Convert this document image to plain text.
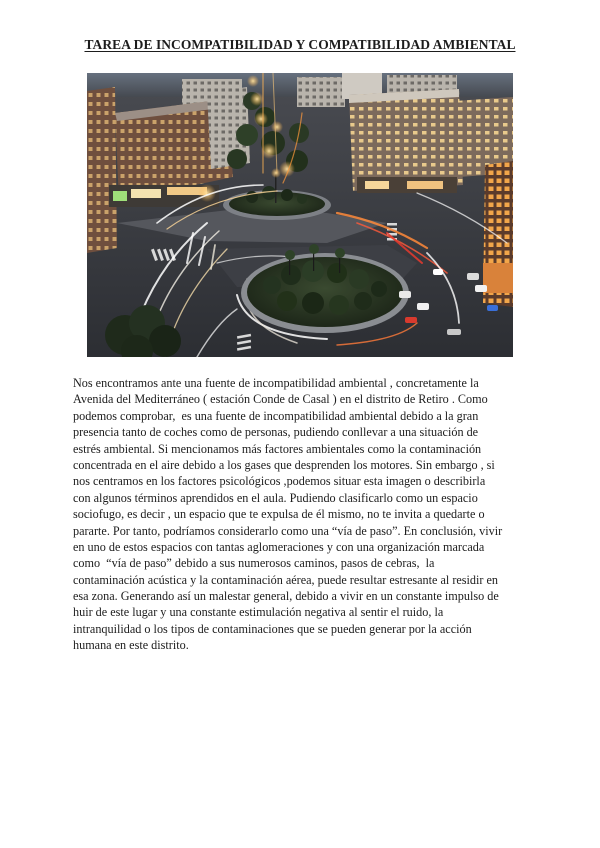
TAREA DE INCOMPATIBILIDAD Y COMPATIBILIDAD AMBIENTAL
Nos encontramos ante una fuente de incompatibilidad ambiental , concretamente la
Avenida del Mediterráneo ( estación Conde de Casal ) en el distrito de Retiro . Como
podemos comprobar,  es una fuente de incompatibilidad ambiental debido a la gran
presencia tanto de coches como de personas, pudiendo conllevar a una situación de
estrés ambiental. Si mencionamos más factores ambientales como la contaminación
concentrada en el aire debido a los gases que desprenden los motores. Sin embargo , si
nos centramos en los factores psicológicos ,podemos situar esta imagen o describirla
con algunos términos aprendidos en el aula. Pudiendo clasificarlo como un espacio
sociofugo, es decir , un espacio que te expulsa de él mismo, no te invita a quedarte o
pararte. Por tanto, podríamos considerarlo como una “vía de paso”. En conclusión, vivir
en uno de estos espacios con tantas aglomeraciones y con una organización marcada
como  “vía de paso” debido a sus numerosos caminos, pasos de cebras,  la
contaminación acústica y la contaminación aérea, puede resultar estresante al residir en
esa zona. Generando así un malestar general, debido a vivir en un constante impulso de
huir de este lugar y una constante estimulación negativa al sentir el ruido, la
intranquilidad o los tipos de contaminaciones que se pueden generar por la acción
humana en este distrito.
